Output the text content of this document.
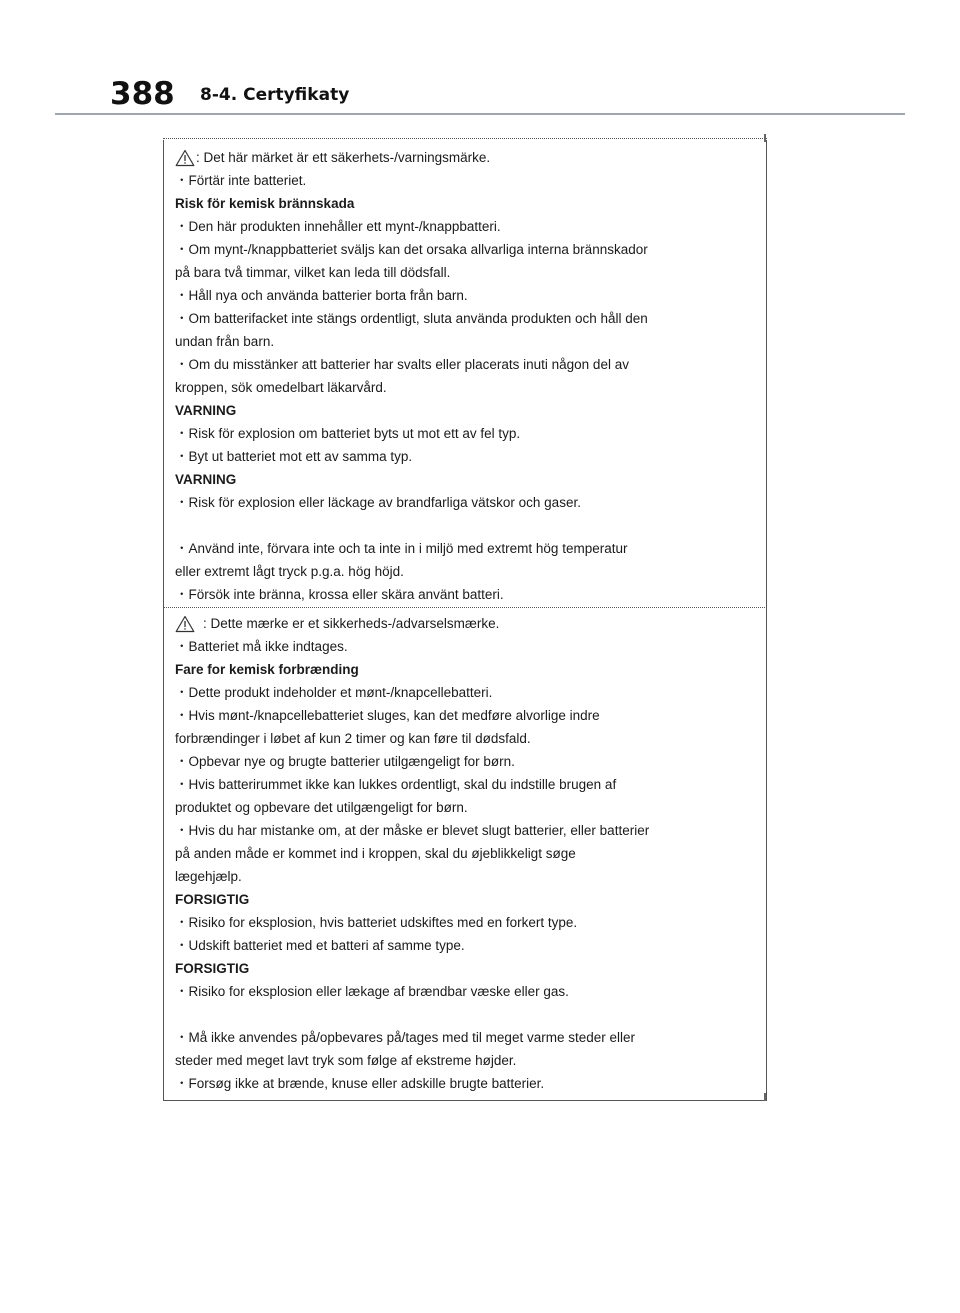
388 8-4. Certyfikaty
: Det här märket är ett säkerhets-/varningsmärke.
・Förtär inte batteriet.
Risk för kemisk brännskada
・Den här produkten innehåller ett mynt-/knappbatteri.
・Om mynt-/knappbatteriet sväljs kan det orsaka allvarliga interna brännskador
på bara två timmar, vilket kan leda till dödsfall.
・Håll nya och använda batterier borta från barn.
・Om batterifacket inte stängs ordentligt, sluta använda produkten och håll den
undan från barn.
・Om du misstänker att batterier har svalts eller placerats inuti någon del av
kroppen, sök omedelbart läkarvård.
VARNING
・Risk för explosion om batteriet byts ut mot ett av fel typ.
・Byt ut batteriet mot ett av samma typ.
VARNING
・Risk för explosion eller läckage av brandfarliga vätskor och gaser.
・Använd inte, förvara inte och ta inte in i miljö med extremt hög temperatur
eller extremt lågt tryck p.g.a. hög höjd.
・Försök inte bränna, krossa eller skära använt batteri.
: Dette mærke er et sikkerheds-/advarselsmærke.
・Batteriet må ikke indtages.
Fare for kemisk forbrænding
・Dette produkt indeholder et mønt-/knapcellebatteri.
・Hvis mønt-/knapcellebatteriet sluges, kan det medføre alvorlige indre
forbrændinger i løbet af kun 2 timer og kan føre til dødsfald.
・Opbevar nye og brugte batterier utilgængeligt for børn.
・Hvis batterirummet ikke kan lukkes ordentligt, skal du indstille brugen af
produktet og opbevare det utilgængeligt for børn.
・Hvis du har mistanke om, at der måske er blevet slugt batterier, eller batterier
på anden måde er kommet ind i kroppen, skal du øjeblikkeligt søge
lægehjælp.
FORSIGTIG
・Risiko for eksplosion, hvis batteriet udskiftes med en forkert type.
・Udskift batteriet med et batteri af samme type.
FORSIGTIG
・Risiko for eksplosion eller lækage af brændbar væske eller gas.
・Må ikke anvendes på/opbevares på/tages med til meget varme steder eller
steder med meget lavt tryk som følge af ekstreme højder.
・Forsøg ikke at brænde, knuse eller adskille brugte batterier.
